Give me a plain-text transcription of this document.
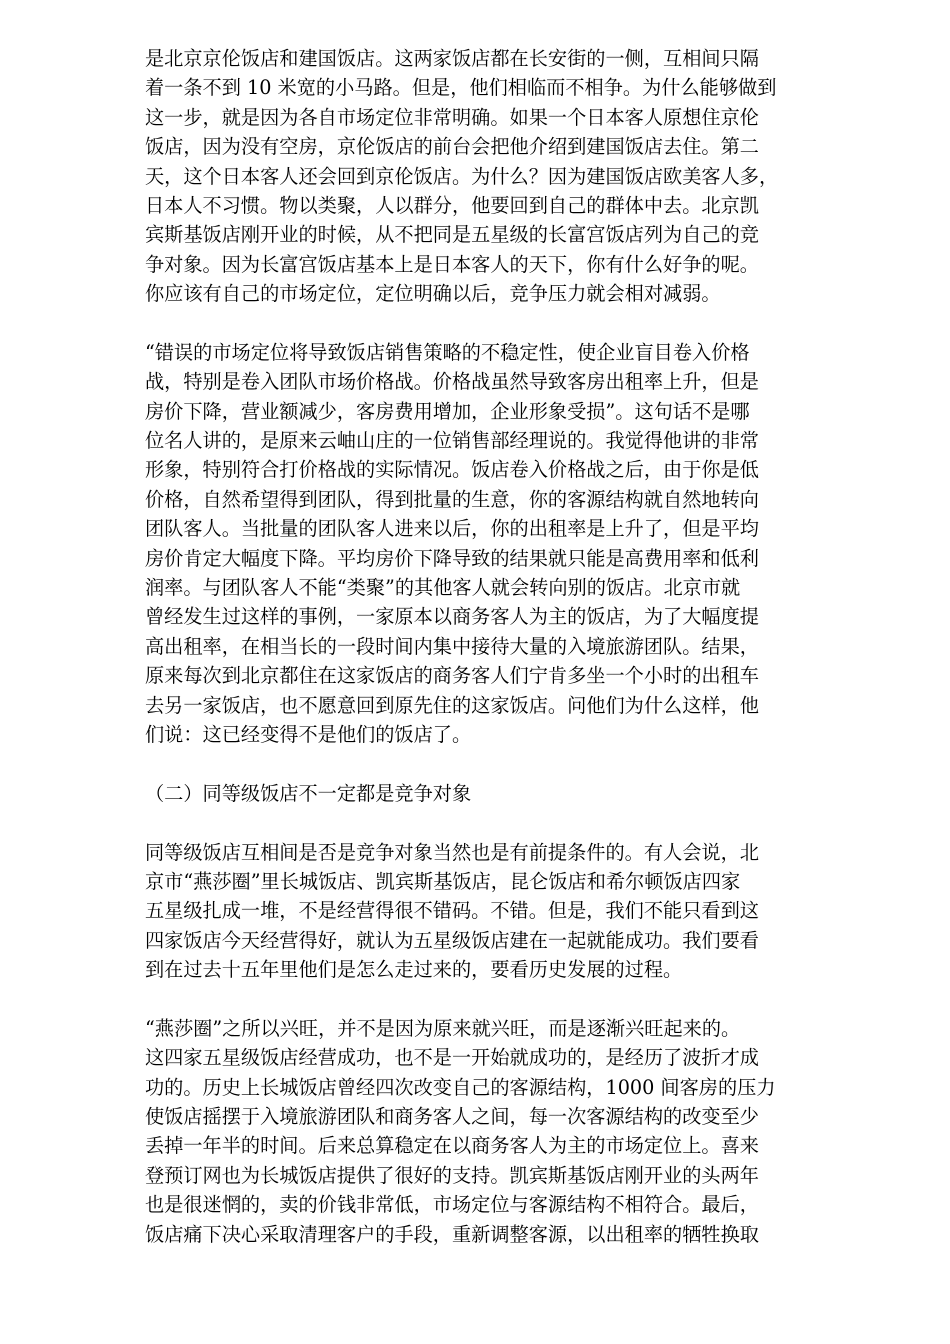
是北京京伦饭店和建国饭店。这两家饭店都在长安街的一侧，互相间只隔
着一条不到 10 米宽的小马路。但是，他们相临而不相争。为什么能够做到
这一步，就是因为各自市场定位非常明确。如果一个日本客人原想住京伦
饭店，因为没有空房，京伦饭店的前台会把他介绍到建国饭店去住。第二
天，这个日本客人还会回到京伦饭店。为什么？因为建国饭店欧美客人多，
日本人不习惯。物以类聚，人以群分，他要回到自己的群体中去。北京凯
宾斯基饭店刚开业的时候，从不把同是五星级的长富宫饭店列为自己的竞
争对象。因为长富宫饭店基本上是日本客人的天下，你有什么好争的呢。
你应该有自己的市场定位，定位明确以后，竞争压力就会相对减弱。
“错误的市场定位将导致饭店销售策略的不稳定性，使企业盲目卷入价格
战，特别是卷入团队市场价格战。价格战虽然导致客房出租率上升，但是
房价下降，营业额减少，客房费用增加，企业形象受损”。这句话不是哪
位名人讲的，是原来云岫山庄的一位销售部经理说的。我觉得他讲的非常
形象，特别符合打价格战的实际情况。饭店卷入价格战之后，由于你是低
价格，自然希望得到团队，得到批量的生意，你的客源结构就自然地转向
团队客人。当批量的团队客人进来以后，你的出租率是上升了，但是平均
房价肯定大幅度下降。平均房价下降导致的结果就只能是高费用率和低利
润率。与团队客人不能“类聚”的其他客人就会转向别的饭店。北京市就
曾经发生过这样的事例，一家原本以商务客人为主的饭店，为了大幅度提
高出租率，在相当长的一段时间内集中接待大量的入境旅游团队。结果，
原来每次到北京都住在这家饭店的商务客人们宁肯多坐一个小时的出租车
去另一家饭店，也不愿意回到原先住的这家饭店。问他们为什么这样，他
们说：这已经变得不是他们的饭店了。
（二）同等级饭店不一定都是竞争对象
同等级饭店互相间是否是竞争对象当然也是有前提条件的。有人会说，北
京市“燕莎圈”里长城饭店、凯宾斯基饭店，昆仑饭店和希尔顿饭店四家
五星级扎成一堆，不是经营得很不错码。不错。但是，我们不能只看到这
四家饭店今天经营得好，就认为五星级饭店建在一起就能成功。我们要看
到在过去十五年里他们是怎么走过来的，要看历史发展的过程。
“燕莎圈”之所以兴旺，并不是因为原来就兴旺，而是逐渐兴旺起来的。
这四家五星级饭店经营成功，也不是一开始就成功的，是经历了波折才成
功的。历史上长城饭店曾经四次改变自己的客源结构，1000 间客房的压力
使饭店摇摆于入境旅游团队和商务客人之间，每一次客源结构的改变至少
丢掉一年半的时间。后来总算稳定在以商务客人为主的市场定位上。喜来
登预订网也为长城饭店提供了很好的支持。凯宾斯基饭店刚开业的头两年
也是很迷惘的，卖的价钱非常低，市场定位与客源结构不相符合。最后，
饭店痛下决心采取清理客户的手段，重新调整客源，以出租率的牺牲换取
